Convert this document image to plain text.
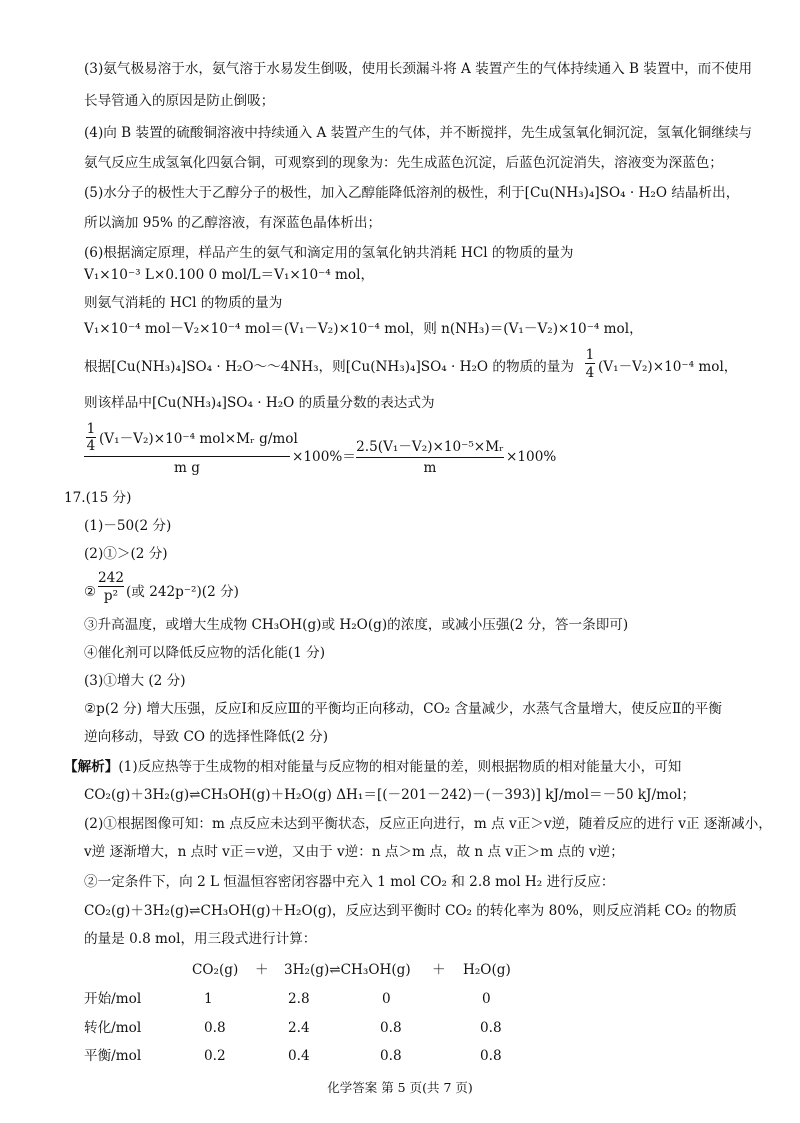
(3)氨气极易溶于水，氨气溶于水易发生倒吸，使用长颈漏斗将 A 装置产生的气体持续通入 B 装置中，而不使用
长导管通入的原因是防止倒吸；
(4)向 B 装置的硫酸铜溶液中持续通入 A 装置产生的气体，并不断搅拌，先生成氢氧化铜沉淀，氢氧化铜继续与
氨气反应生成氢氧化四氨合铜，可观察到的现象为：先生成蓝色沉淀，后蓝色沉淀消失，溶液变为深蓝色；
(5)水分子的极性大于乙醇分子的极性，加入乙醇能降低溶剂的极性，利于[Cu(NH₃)₄]SO₄ · H₂O 结晶析出，
所以滴加 95% 的乙醇溶液，有深蓝色晶体析出；
(6)根据滴定原理，样品产生的氨气和滴定用的氢氧化钠共消耗 HCl 的物质的量为
V₁×10⁻³ L×0.100 0 mol/L＝V₁×10⁻⁴ mol，
则氨气消耗的 HCl 的物质的量为
V₁×10⁻⁴ mol－V₂×10⁻⁴ mol＝(V₁－V₂)×10⁻⁴ mol，则 n(NH₃)＝(V₁－V₂)×10⁻⁴ mol，
根据[Cu(NH₃)₄]SO₄ · H₂O～～4NH₃，则[Cu(NH₃)₄]SO₄ · H₂O 的物质的量为
1
4 (V₁－V₂)×10⁻⁴ mol，
则该样品中[Cu(NH₃)₄]SO₄ · H₂O 的质量分数的表达式为
1
4 (V₁－V₂)×10⁻⁴ mol×Mᵣ g/mol
m g
×100%＝
2.5(V₁－V₂)×10⁻⁵×Mᵣ
m
×100%
17.(15 分)
(1)－50(2 分)
(2)①＞(2 分)
②
242
p² (或 242p⁻²)(2 分)
③升高温度，或增大生成物 CH₃OH(g)或 H₂O(g)的浓度，或减小压强(2 分，答一条即可)
④催化剂可以降低反应物的活化能(1 分)
(3)①增大 (2 分)
②p(2 分) 增大压强，反应Ⅰ和反应Ⅲ的平衡均正向移动，CO₂ 含量减少，水蒸气含量增大，使反应Ⅱ的平衡
逆向移动，导致 CO 的选择性降低(2 分)
【解析】(1)反应热等于生成物的相对能量与反应物的相对能量的差，则根据物质的相对能量大小，可知
CO₂(g)＋3H₂(g)⇌CH₃OH(g)＋H₂O(g) ΔH₁＝[(－201－242)－(－393)] kJ/mol＝－50 kJ/mol；
(2)①根据图像可知：m 点反应未达到平衡状态，反应正向进行，m 点 v正＞v逆，随着反应的进行 v正 逐渐减小，
v逆 逐渐增大，n 点时 v正＝v逆，又由于 v逆：n 点＞m 点，故 n 点 v正＞m 点的 v逆；
②一定条件下，向 2 L 恒温恒容密闭容器中充入 1 mol CO₂ 和 2.8 mol H₂ 进行反应：
CO₂(g)＋3H₂(g)⇌CH₃OH(g)＋H₂O(g)，反应达到平衡时 CO₂ 的转化率为 80%，则反应消耗 CO₂ 的物质
的量是 0.8 mol，用三段式进行计算：
CO₂(g) ＋ 3H₂(g)⇌CH₃OH(g) ＋ H₂O(g)
开始/mol	1	2.8	0	0
转化/mol	0.8	2.4	0.8	0.8
平衡/mol	0.2	0.4	0.8	0.8
化学答案 第 5 页(共 7 页)
